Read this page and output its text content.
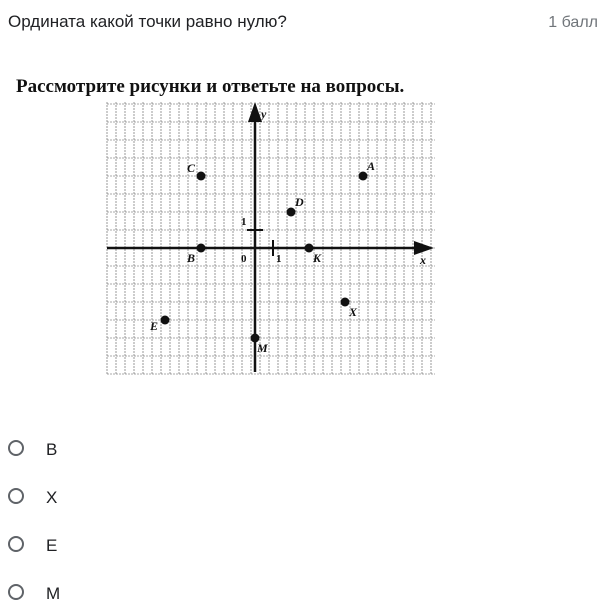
Ордината какой точки равно нулю?	1 балл
x
y
0	1
1
A
C
D
B	K
X
E
M
Рассмотрите рисунки и ответьте на вопросы.
B
X
E
M
